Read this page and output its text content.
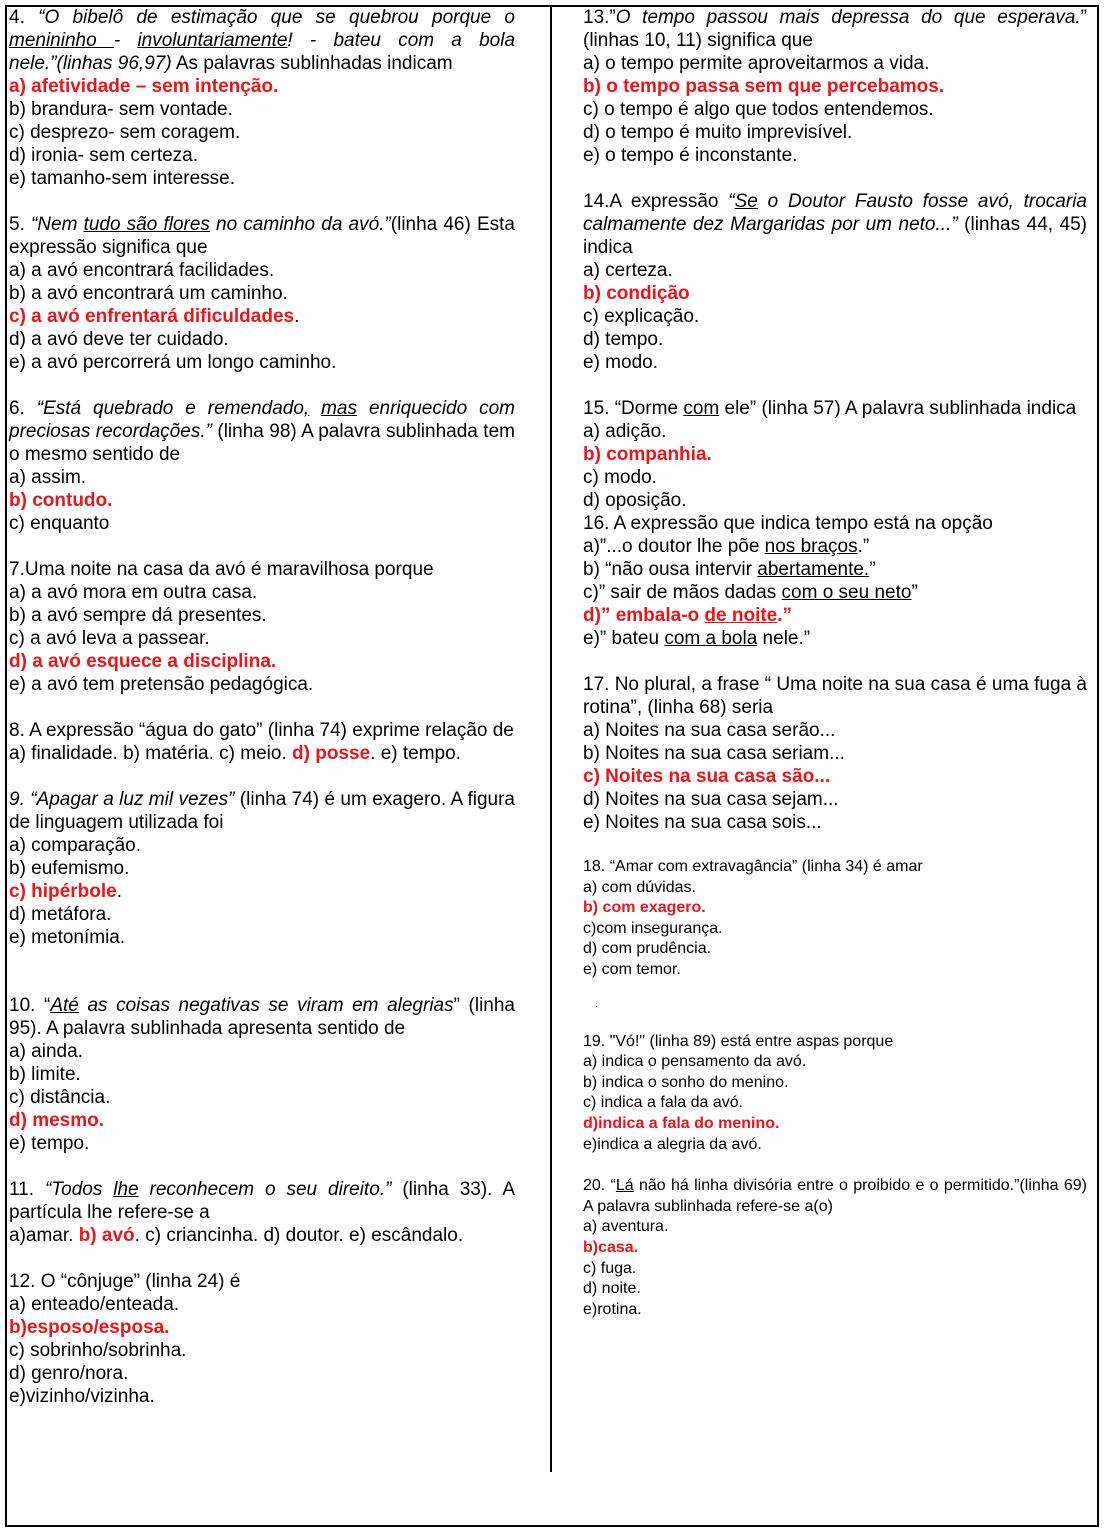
4. “O bibelô de estimação que se quebrou porque o menininho - involuntariamente! - bateu com a bola nele.”(linhas 96,97) As palavras sublinhadas indicam
a) afetividade – sem intenção.
b) brandura- sem vontade.
c) desprezo- sem coragem.
d) ironia- sem certeza.
e) tamanho-sem interesse.
5. “Nem tudo são flores no caminho da avó.”(linha 46) Esta expressão significa que
a) a avó encontrará facilidades.
b) a avó encontrará um caminho.
c) a avó enfrentará dificuldades.
d) a avó deve ter cuidado.
e) a avó percorrerá um longo caminho.
6. “Está quebrado e remendado, mas enriquecido com preciosas recordações.” (linha 98) A palavra sublinhada tem o mesmo sentido de
a) assim.
b) contudo.
c) enquanto
7.Uma noite na casa da avó é maravilhosa porque
a) a avó mora em outra casa.
b) a avó sempre dá presentes.
c) a avó leva a passear.
d) a avó esquece a disciplina.
e) a avó tem pretensão pedagógica.
8. A expressão “água do gato” (linha 74) exprime relação de
a) finalidade. b) matéria. c) meio. d) posse. e) tempo.
9. “Apagar a luz mil vezes” (linha 74) é um exagero. A figura de linguagem utilizada foi
a) comparação.
b) eufemismo.
c) hipérbole.
d) metáfora.
e) metonímia.
10. “Até as coisas negativas se viram em alegrias” (linha 95). A palavra sublinhada apresenta sentido de
a) ainda.
b) limite.
c) distância.
d) mesmo.
e) tempo.
11. “Todos lhe reconhecem o seu direito.” (linha 33). A partícula lhe refere-se a
a)amar. b) avó. c) criancinha. d) doutor. e) escândalo.
12. O “cônjuge” (linha 24) é
a) enteado/enteada.
b)esposo/esposa.
c) sobrinho/sobrinha.
d) genro/nora.
e)vizinho/vizinha.
13.”O tempo passou mais depressa do que esperava.” (linhas 10, 11) significa que
a) o tempo permite aproveitarmos a vida.
b) o tempo passa sem que percebamos.
c) o tempo é algo que todos entendemos.
d) o tempo é muito imprevisível.
e) o tempo é inconstante.
14.A expressão “Se o Doutor Fausto fosse avó, trocaria calmamente dez Margaridas por um neto...” (linhas 44, 45) indica
a) certeza.
b) condição
c) explicação.
d) tempo.
e) modo.
15. “Dorme com ele” (linha 57) A palavra sublinhada indica
a) adição.
b) companhia.
c) modo.
d) oposição.
16. A expressão que indica tempo está na opção
a)”...o doutor lhe põe nos braços.”
b) “não ousa intervir abertamente.”
c)” sair de mãos dadas com o seu neto”
d)” embala-o de noite.”
e)” bateu com a bola nele.”
17. No plural, a frase “ Uma noite na sua casa é uma fuga à rotina”, (linha 68) seria
a) Noites na sua casa serão...
b) Noites na sua casa seriam...
c) Noites na sua casa são...
d) Noites na sua casa sejam...
e) Noites na sua casa sois...
18. “Amar com extravagância” (linha 34) é amar
a) com dúvidas.
b) com exagero.
c)com insegurança.
d) com prudência.
e) com temor.
.
19. "Vó!" (linha 89) está entre aspas porque
a) indica o pensamento da avó.
b) indica o sonho do menino.
c) indica a fala da avó.
d)indica a fala do menino.
e)indica a alegria da avó.
20. “Lá não há linha divisória entre o proibido e o permitido.”(linha 69) A palavra sublinhada refere-se a(o)
a) aventura.
b)casa.
c) fuga.
d) noite.
e)rotina.
